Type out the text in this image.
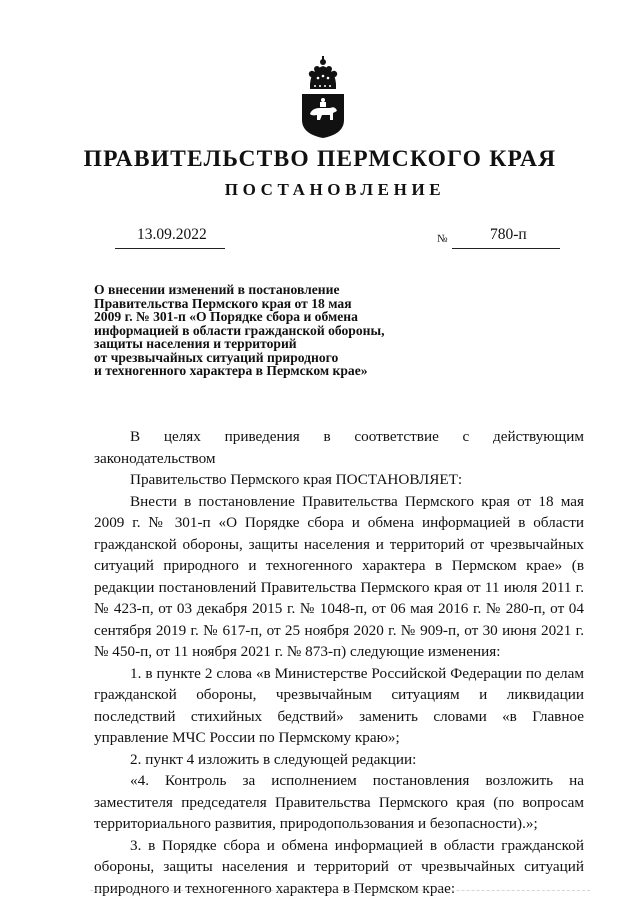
ПРАВИТЕЛЬСТВО ПЕРМСКОГО КРАЯ
ПОСТАНОВЛЕНИЕ
13.09.2022	№	780-п
О внесении изменений в постановление
Правительства Пермского края от 18 мая
2009 г. № 301-п «О Порядке сбора и обмена
информацией в области гражданской обороны,
защиты населения и территорий
от чрезвычайных ситуаций природного
и техногенного характера в Пермском крае»

В целях приведения в соответствие с действующим

законодательством

Правительство Пермского края ПОСТАНОВЛЯЕТ:

Внести в постановление Правительства Пермского края от 18 мая 2009 г. № 301-п «О Порядке сбора и обмена информацией в области гражданской обороны, защиты населения и территорий от чрезвычайных ситуаций природного и техногенного характера в Пермском крае» (в редакции постановлений Правительства Пермского края от 11 июля 2011 г. № 423-п, от 03 декабря 2015 г. № 1048-п, от 06 мая 2016 г. № 280-п, от 04 сентября 2019 г. № 617-п, от 25 ноября 2020 г. № 909-п, от 30 июня 2021 г. № 450-п, от 11 ноября 2021 г. № 873-п) следующие изменения:

1. в пункте 2 слова «в Министерстве Российской Федерации по делам гражданской обороны, чрезвычайным ситуациям и ликвидации последствий стихийных бедствий» заменить словами «в Главное управление МЧС России по Пермскому краю»;

2. пункт 4 изложить в следующей редакции:

«4. Контроль за исполнением постановления возложить на заместителя председателя Правительства Пермского края (по вопросам территориального развития, природопользования и безопасности).»;

3. в Порядке сбора и обмена информацией в области гражданской обороны, защиты населения и территорий от чрезвычайных ситуаций природного и техногенного характера в Пермском крае:
